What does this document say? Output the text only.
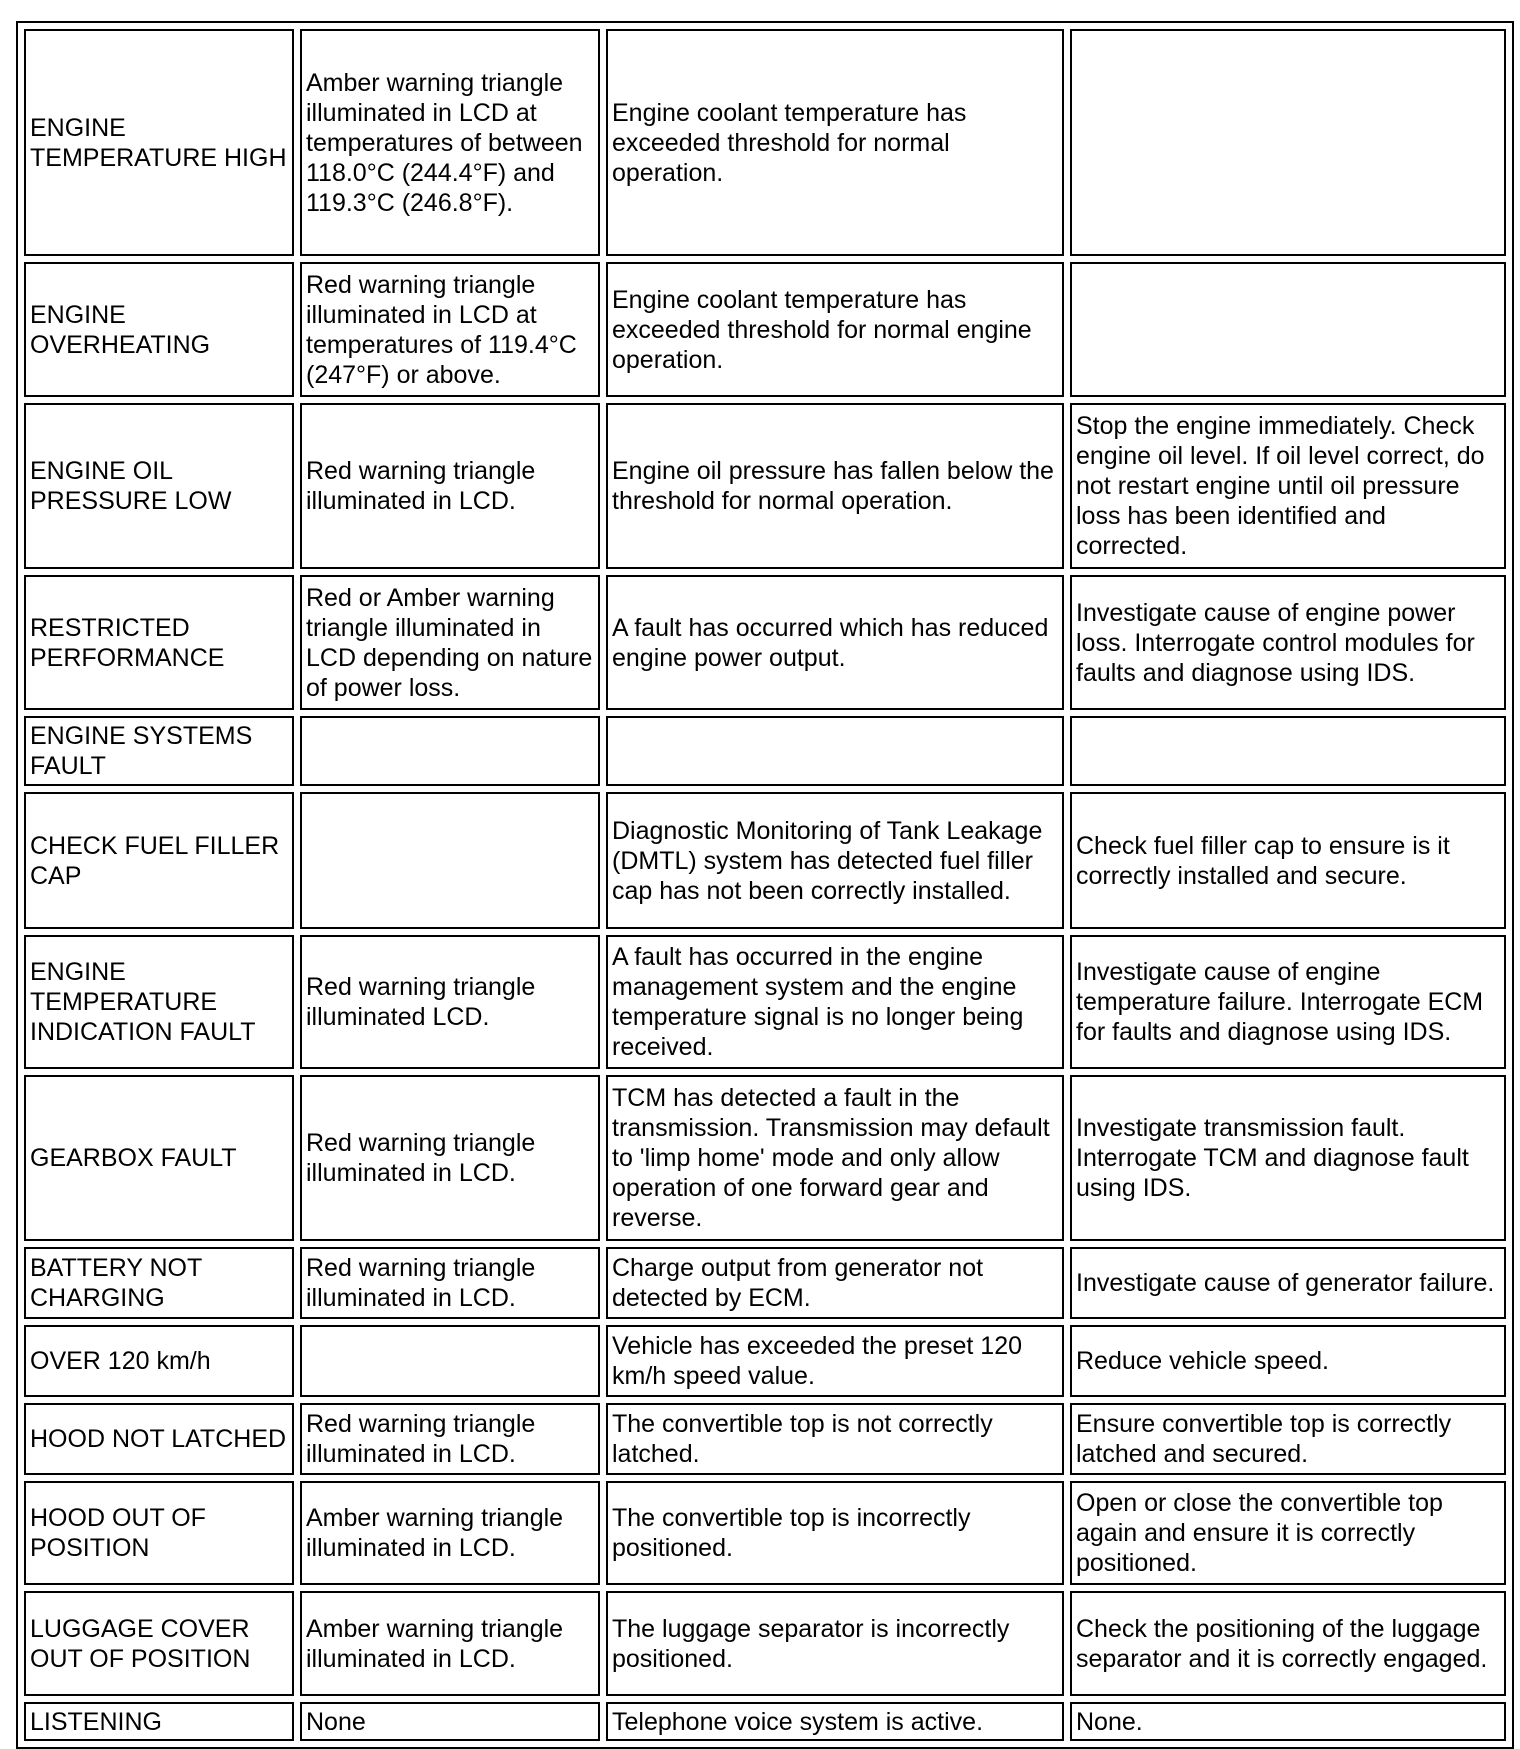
ENGINE TEMPERATURE HIGH	Amber warning triangle illuminated in LCD at temperatures of between 118.0°C (244.4°F) and 119.3°C (246.8°F).	Engine coolant temperature has exceeded threshold for normal operation.	
ENGINE OVERHEATING	Red warning triangle illuminated in LCD at temperatures of 119.4°C (247°F) or above.	Engine coolant temperature has exceeded threshold for normal engine operation.	
ENGINE OIL PRESSURE LOW	Red warning triangle illuminated in LCD.	Engine oil pressure has fallen below the threshold for normal operation.	Stop the engine immediately. Check engine oil level. If oil level correct, do not restart engine until oil pressure loss has been identified and corrected.
RESTRICTED PERFORMANCE	Red or Amber warning triangle illuminated in LCD depending on nature of power loss.	A fault has occurred which has reduced engine power output.	Investigate cause of engine power loss. Interrogate control modules for faults and diagnose using IDS.
ENGINE SYSTEMS FAULT			
CHECK FUEL FILLER CAP		Diagnostic Monitoring of Tank Leakage (DMTL) system has detected fuel filler cap has not been correctly installed.	Check fuel filler cap to ensure is it correctly installed and secure.
ENGINE TEMPERATURE INDICATION FAULT	Red warning triangle illuminated LCD.	A fault has occurred in the engine management system and the engine temperature signal is no longer being received.	Investigate cause of engine temperature failure. Interrogate ECM for faults and diagnose using IDS.
GEARBOX FAULT	Red warning triangle illuminated in LCD.	TCM has detected a fault in the transmission. Transmission may default to 'limp home' mode and only allow operation of one forward gear and reverse.	Investigate transmission fault. Interrogate TCM and diagnose fault using IDS.
BATTERY NOT CHARGING	Red warning triangle illuminated in LCD.	Charge output from generator not detected by ECM.	Investigate cause of generator failure.
OVER 120 km/h		Vehicle has exceeded the preset 120 km/h speed value.	Reduce vehicle speed.
HOOD NOT LATCHED	Red warning triangle illuminated in LCD.	The convertible top is not correctly latched.	Ensure convertible top is correctly latched and secured.
HOOD OUT OF POSITION	Amber warning triangle illuminated in LCD.	The convertible top is incorrectly positioned.	Open or close the convertible top again and ensure it is correctly positioned.
LUGGAGE COVER OUT OF POSITION	Amber warning triangle illuminated in LCD.	The luggage separator is incorrectly positioned.	Check the positioning of the luggage separator and it is correctly engaged.
LISTENING	None	Telephone voice system is active.	None.
